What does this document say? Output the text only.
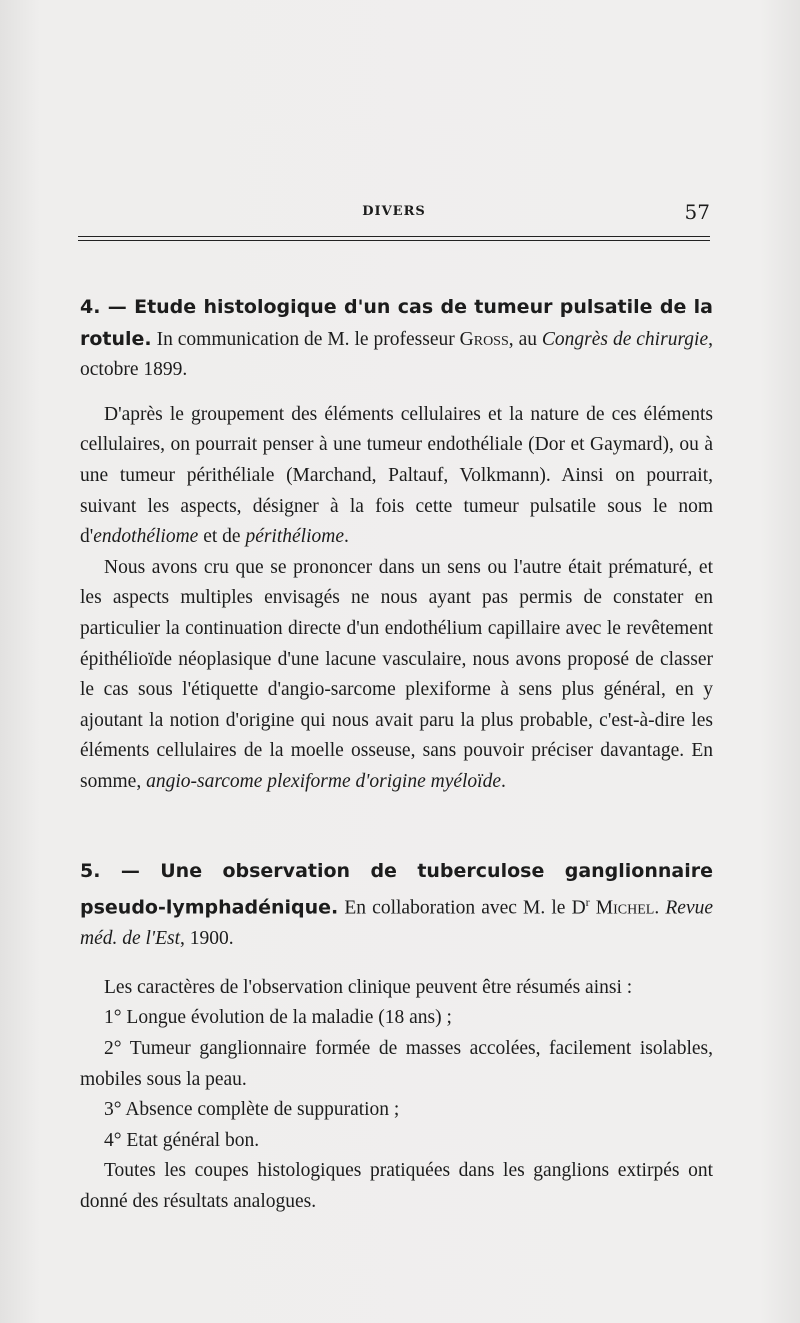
DIVERS	57

4. — Etude histologique d'un cas de tumeur pulsatile de la rotule. In communication de M. le professeur Gross, au Congrès de chirurgie, octobre 1899.

D'après le groupement des éléments cellulaires et la nature de ces éléments cellulaires, on pourrait penser à une tumeur endothéliale (Dor et Gaymard), ou à une tumeur périthéliale (Marchand, Paltauf, Volkmann). Ainsi on pourrait, suivant les aspects, désigner à la fois cette tumeur pulsatile sous le nom d'endothéliome et de périthéliome.

Nous avons cru que se prononcer dans un sens ou l'autre était prématuré, et les aspects multiples envisagés ne nous ayant pas permis de constater en particulier la continuation directe d'un endothélium capillaire avec le revêtement épithélioïde néoplasique d'une lacune vasculaire, nous avons proposé de classer le cas sous l'étiquette d'angio-sarcome plexiforme à sens plus général, en y ajoutant la notion d'origine qui nous avait paru la plus probable, c'est-à-dire les éléments cellulaires de la moelle osseuse, sans pouvoir préciser davantage. En somme, angio-sarcome plexiforme d'origine myéloïde.

5. — Une observation de tuberculose ganglionnaire pseudo-lymphadénique. En collaboration avec M. le $D^r$ Michel. Revue méd. de l'Est, 1900.

Les caractères de l'observation clinique peuvent être résumés ainsi :

1° Longue évolution de la maladie (18 ans) ;

2° Tumeur ganglionnaire formée de masses accolées, facilement isolables, mobiles sous la peau.

3° Absence complète de suppuration ;

4° Etat général bon.

Toutes les coupes histologiques pratiquées dans les ganglions extirpés ont donné des résultats analogues.
